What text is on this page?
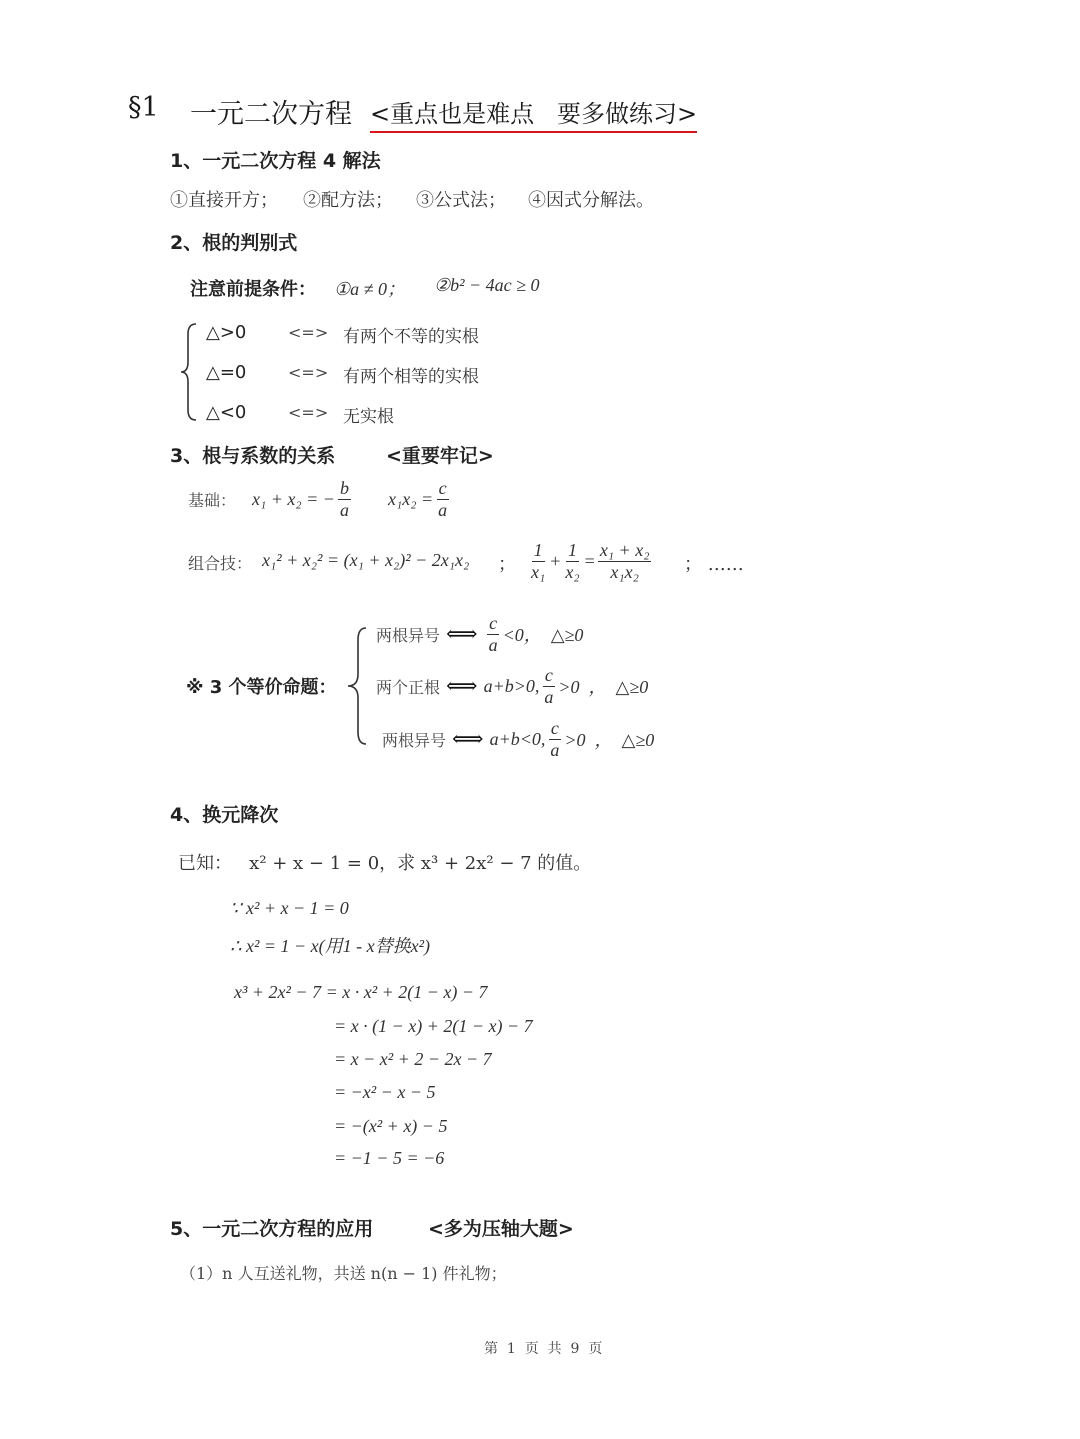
§1 一元二次方程 <重点也是难点   要多做练习>
1、一元二次方程 4 解法
①直接开方； ②配方法； ③公式法； ④因式分解法。
2、根的判别式
注意前提条件： ①a ≠ 0； ②b² − 4ac ≥ 0
△>0	<=> 有两个不等的实根
△=0	<=> 有两个相等的实根
△<0	<=> 无实根
3、根与系数的关系	<重要牢记>
基础： x₁ + x₂ = − $\frac{b}{a} x_1x_2 = \frac{c}{a}$
组合技： x₁² + x₂² = (x₁ + x₂)² − 2x₁x₂ ； $\frac{1}{\text{x₁}} + \frac{1}{\text{x₂}} = \frac{\text{x₁ + x₂}}{\text{x₁x₂}}$ ； ……
※ 3 个等价命题：
两根异号 ⟺ $\frac{c}{a} <0$，  △≥0
两个正根 ⟺ a+b>0, $\frac{c}{a} >0$  ，  △≥0
两根异号 ⟺ a+b<0, $\frac{c}{a} >0$  ，  △≥0
4、换元降次
已知：   x² + x − 1 = 0，求 x³ + 2x² − 7 的值。
∵ x² + x − 1 = 0
∴ x² = 1 − x(用1 - x替换x²)
x³ + 2x² − 7 = x · x² + 2(1 − x) − 7
= x · (1 − x) + 2(1 − x) − 7
= x − x² + 2 − 2x − 7
= −x² − x − 5
= −(x² + x) − 5
= −1 − 5 = −6
5、一元二次方程的应用	<多为压轴大题>
（1）n 人互送礼物，共送 n(n − 1) 件礼物；
第  1  页  共  9  页
